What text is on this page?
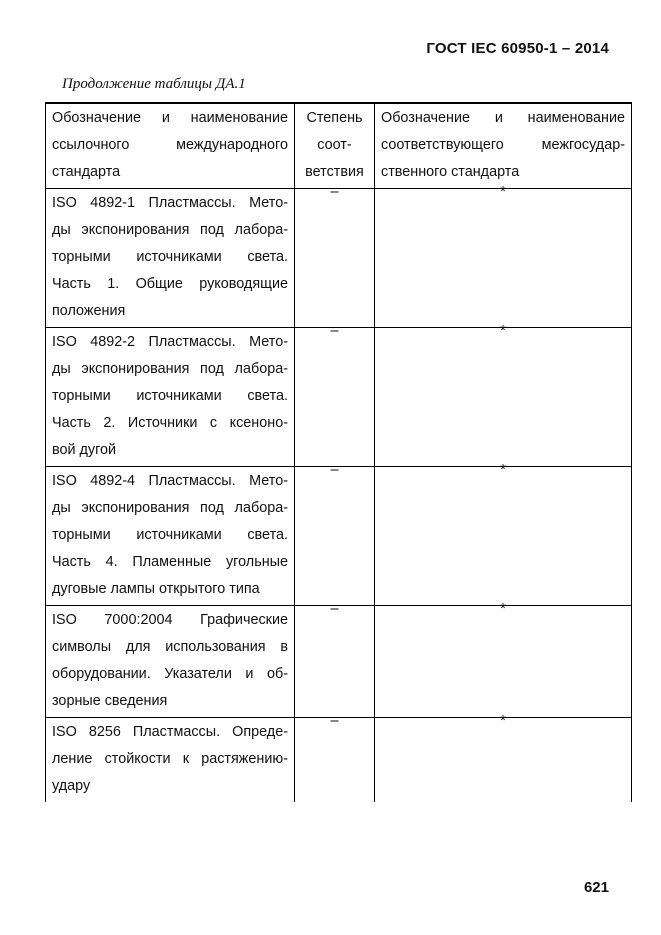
ГОСТ IEC 60950-1 – 2014
Продолжение таблицы ДА.1
Обозначение и наименование
ссылочного международного
стандарта	Степень
соот-
ветствия	Обозначение и наименование
соответствующего межгосудар-
ственного стандарта

ISO 4892-1 Пластмассы. Мето-
ды экспонирования под лабора-
торными источниками света.
Часть 1. Общие руководящие
положения	–	*
ISO 4892-2 Пластмассы. Мето-
ды экспонирования под лабора-
торными источниками света.
Часть 2. Источники с ксеноно-
вой дугой	–	*
ISO 4892-4 Пластмассы. Мето-
ды экспонирования под лабора-
торными источниками света.
Часть 4. Пламенные угольные
дуговые лампы открытого типа	–	*
ISO 7000:2004 Графические
символы для использования в
оборудовании. Указатели и об-
зорные сведения	–	*
ISO 8256 Пластмассы. Опреде-
ление стойкости к растяжению-
удару	–	*
621
